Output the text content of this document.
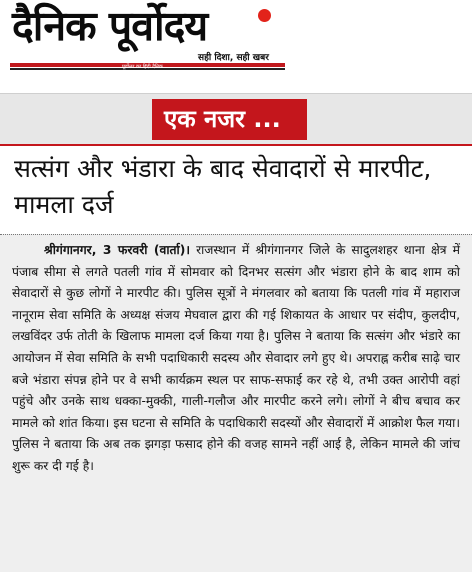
दैनिक पूर्वोदय
सही दिशा, सही खबर
पूर्वोत्तर का हिंदी दैनिक
एक नजर ...
सत्संग और भंडारा के बाद सेवादारों से मारपीट, मामला दर्ज

श्रीगंगानगर, 3 फरवरी (वार्ता)। राजस्थान में श्रीगंगानगर जिले के सादुलशहर थाना क्षेत्र में पंजाब सीमा से लगते पतली गांव में सोमवार को दिनभर सत्संग और भंडारा होने के बाद शाम को सेवादारों से कुछ लोगों ने मारपीट की। पुलिस सूत्रों ने मंगलवार को बताया कि पतली गांव में महाराज नानूराम सेवा समिति के अध्यक्ष संजय मेघवाल द्वारा की गई शिकायत के आधार पर संदीप, कुलदीप, लखविंदर उर्फ तोती के खिलाफ मामला दर्ज किया गया है। पुलिस ने बताया कि सत्संग और भंडारे का आयोजन में सेवा समिति के सभी पदाधिकारी सदस्य और सेवादार लगे हुए थे। अपराह्न करीब साढ़े चार बजे भंडारा संपन्न होने पर वे सभी कार्यक्रम स्थल पर साफ-सफाई कर रहे थे, तभी उक्त आरोपी वहां पहुंचे और उनके साथ धक्का-मुक्की, गाली-गलौज और मारपीट करने लगे। लोगों ने बीच बचाव कर मामले को शांत किया। इस घटना से समिति के पदाधिकारी सदस्यों और सेवादारों में आक्रोश फैल गया। पुलिस ने बताया कि अब तक झगड़ा फसाद होने की वजह सामने नहीं आई है, लेकिन मामले की जांच शुरू कर दी गई है।
